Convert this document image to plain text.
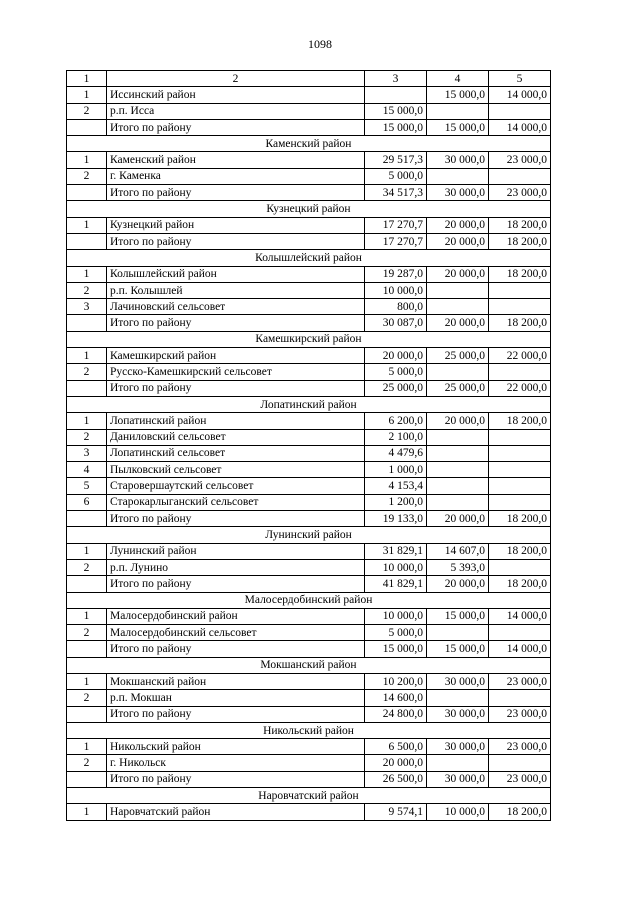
1098
1	2	3	4	5
1	Иссинский район		15 000,0	14 000,0
2	р.п. Исса	15 000,0		
	Итого по району	15 000,0	15 000,0	14 000,0
Каменский район				
1	Каменский район	29 517,3	30 000,0	23 000,0
2	г. Каменка	5 000,0		
	Итого по району	34 517,3	30 000,0	23 000,0
Кузнецкий район				
1	Кузнецкий район	17 270,7	20 000,0	18 200,0
	Итого по району	17 270,7	20 000,0	18 200,0
Колышлейский район				
1	Колышлейский район	19 287,0	20 000,0	18 200,0
2	р.п. Колышлей	10 000,0		
3	Лачиновский сельсовет	800,0		
	Итого по району	30 087,0	20 000,0	18 200,0
Камешкирский район				
1	Камешкирский район	20 000,0	25 000,0	22 000,0
2	Русско-Камешкирский сельсовет	5 000,0		
	Итого по району	25 000,0	25 000,0	22 000,0
Лопатинский район				
1	Лопатинский район	6 200,0	20 000,0	18 200,0
2	Даниловский сельсовет	2 100,0		
3	Лопатинский сельсовет	4 479,6		
4	Пылковский сельсовет	1 000,0		
5	Старовершаутский сельсовет	4 153,4		
6	Старокарлыганский сельсовет	1 200,0		
	Итого по району	19 133,0	20 000,0	18 200,0
Лунинский район				
1	Лунинский район	31 829,1	14 607,0	18 200,0
2	р.п. Лунино	10 000,0	5 393,0	
	Итого по району	41 829,1	20 000,0	18 200,0
Малосердобинский район				
1	Малосердобинский район	10 000,0	15 000,0	14 000,0
2	Малосердобинский сельсовет	5 000,0		
	Итого по району	15 000,0	15 000,0	14 000,0
Мокшанский район				
1	Мокшанский район	10 200,0	30 000,0	23 000,0
2	р.п. Мокшан	14 600,0		
	Итого по району	24 800,0	30 000,0	23 000,0
Никольский район				
1	Никольский район	6 500,0	30 000,0	23 000,0
2	г. Никольск	20 000,0		
	Итого по району	26 500,0	30 000,0	23 000,0
Наровчатский район				
1	Наровчатский район	9 574,1	10 000,0	18 200,0
